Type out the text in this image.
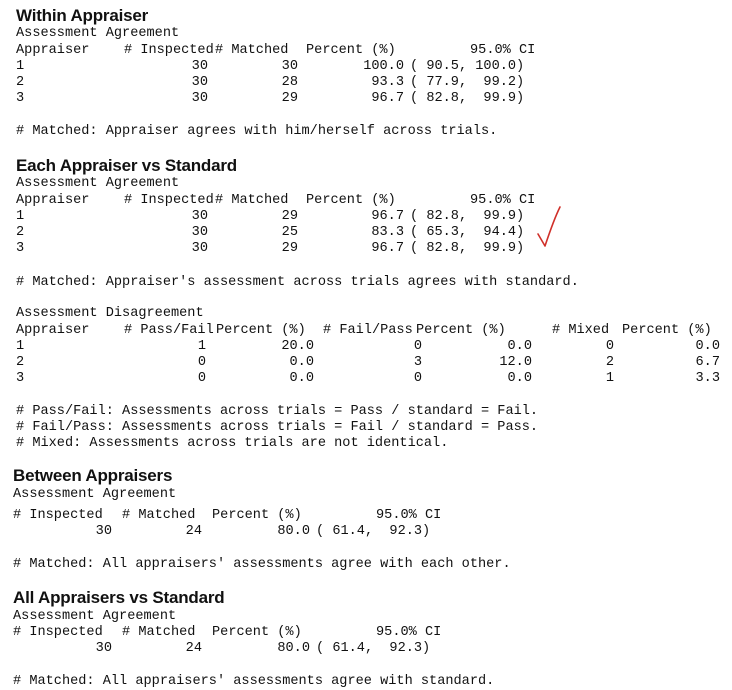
Within Appraiser
Assessment Agreement
Appraiser	# Inspected # Matched Percent (%)	95.0% CI
1	30	30	100.0 ( 90.5, 100.0)
2	30	28	93.3 ( 77.9,  99.2)
3	30	29	96.7 ( 82.8,  99.9)
# Matched: Appraiser agrees with him/herself across trials.
Each Appraiser vs Standard
Assessment Agreement
Appraiser	# Inspected # Matched Percent (%)	95.0% CI
1	30	29	96.7 ( 82.8,  99.9)
2	30	25	83.3 ( 65.3,  94.4)
3	30	29	96.7 ( 82.8,  99.9)
# Matched: Appraiser's assessment across trials agrees with standard.
Assessment Disagreement
Appraiser	# Pass/Fail Percent (%) # Fail/Pass Percent (%)	# Mixed Percent (%)
1	1	20.0	0	0.0	0	0.0
2	0	0.0	3	12.0	2	6.7
3	0	0.0	0	0.0	1	3.3
# Pass/Fail: Assessments across trials = Pass / standard = Fail.
# Fail/Pass: Assessments across trials = Fail / standard = Pass.
# Mixed: Assessments across trials are not identical.
Between Appraisers
Assessment Agreement
# Inspected # Matched Percent (%)	95.0% CI
30	24	80.0 ( 61.4,  92.3)
# Matched: All appraisers' assessments agree with each other.
All Appraisers vs Standard
Assessment Agreement
# Inspected # Matched Percent (%)	95.0% CI
30	24	80.0 ( 61.4,  92.3)
# Matched: All appraisers' assessments agree with standard.
